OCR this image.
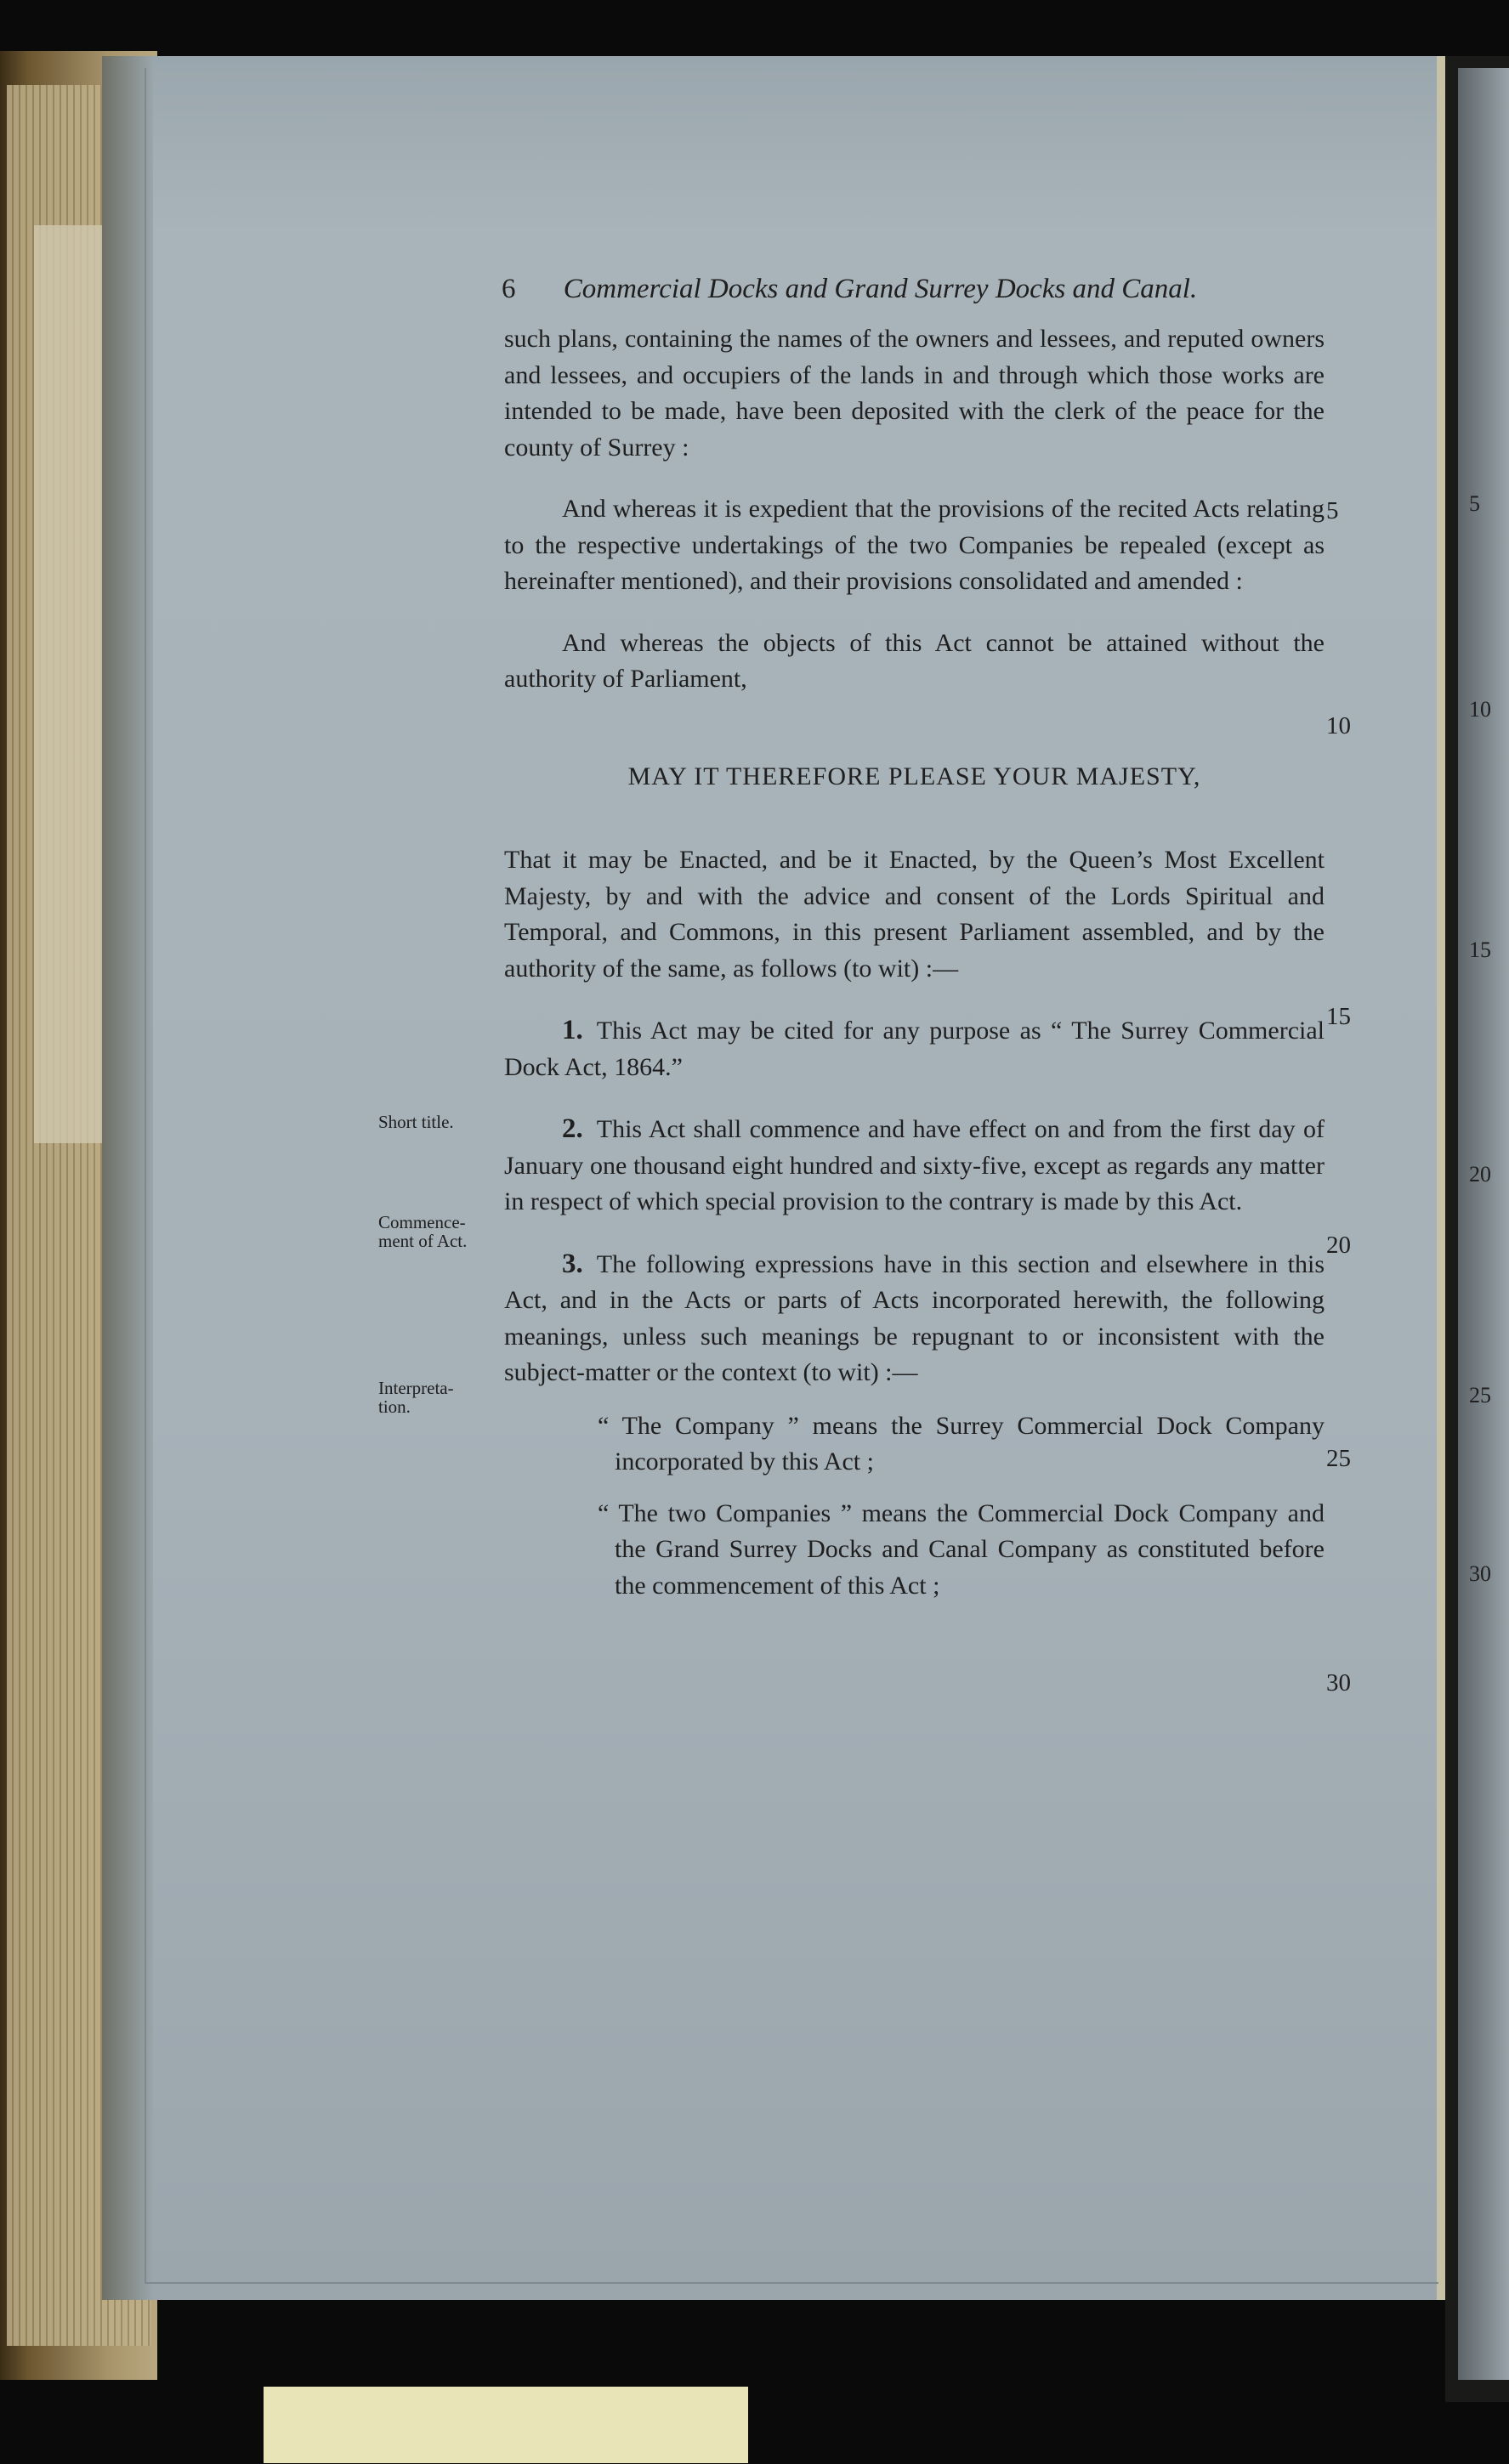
6 Commercial Docks and Grand Surrey Docks and Canal.

such plans, containing the names of the owners and lessees, and reputed owners and lessees, and occupiers of the lands in and through which those works are intended to be made, have been deposited with the clerk of the peace for the county of Surrey :

And whereas it is expedient that the provisions of the recited Acts relating to the respective undertakings of the two Companies be repealed (except as hereinafter mentioned), and their provisions consolidated and amended :

And whereas the objects of this Act cannot be attained without the authority of Parliament,

MAY IT THEREFORE PLEASE YOUR MAJESTY,

That it may be Enacted, and be it Enacted, by the Queen’s Most Excellent Majesty, by and with the advice and consent of the Lords Spiritual and Temporal, and Commons, in this present Parliament assembled, and by the authority of the same, as follows (to wit) :—

1. This Act may be cited for any purpose as “ The Surrey Commercial Dock Act, 1864.”

2. This Act shall commence and have effect on and from the first day of January one thousand eight hundred and sixty-five, except as regards any matter in respect of which special provision to the contrary is made by this Act.

3. The following expressions have in this section and elsewhere in this Act, and in the Acts or parts of Acts incorporated herewith, the following meanings, unless such meanings be repugnant to or inconsistent with the subject-matter or the context (to wit) :—

“ The Company ” means the Surrey Commercial Dock Company incorporated by this Act ;

“ The two Companies ” means the Commercial Dock Company and the Grand Surrey Docks and Canal Company as constituted before the commencement of this Act ;

Short title.
Commence-
ment of Act.
Interpreta-
tion.
5
10
15
20
25
30
5
10
15
20
25
30
